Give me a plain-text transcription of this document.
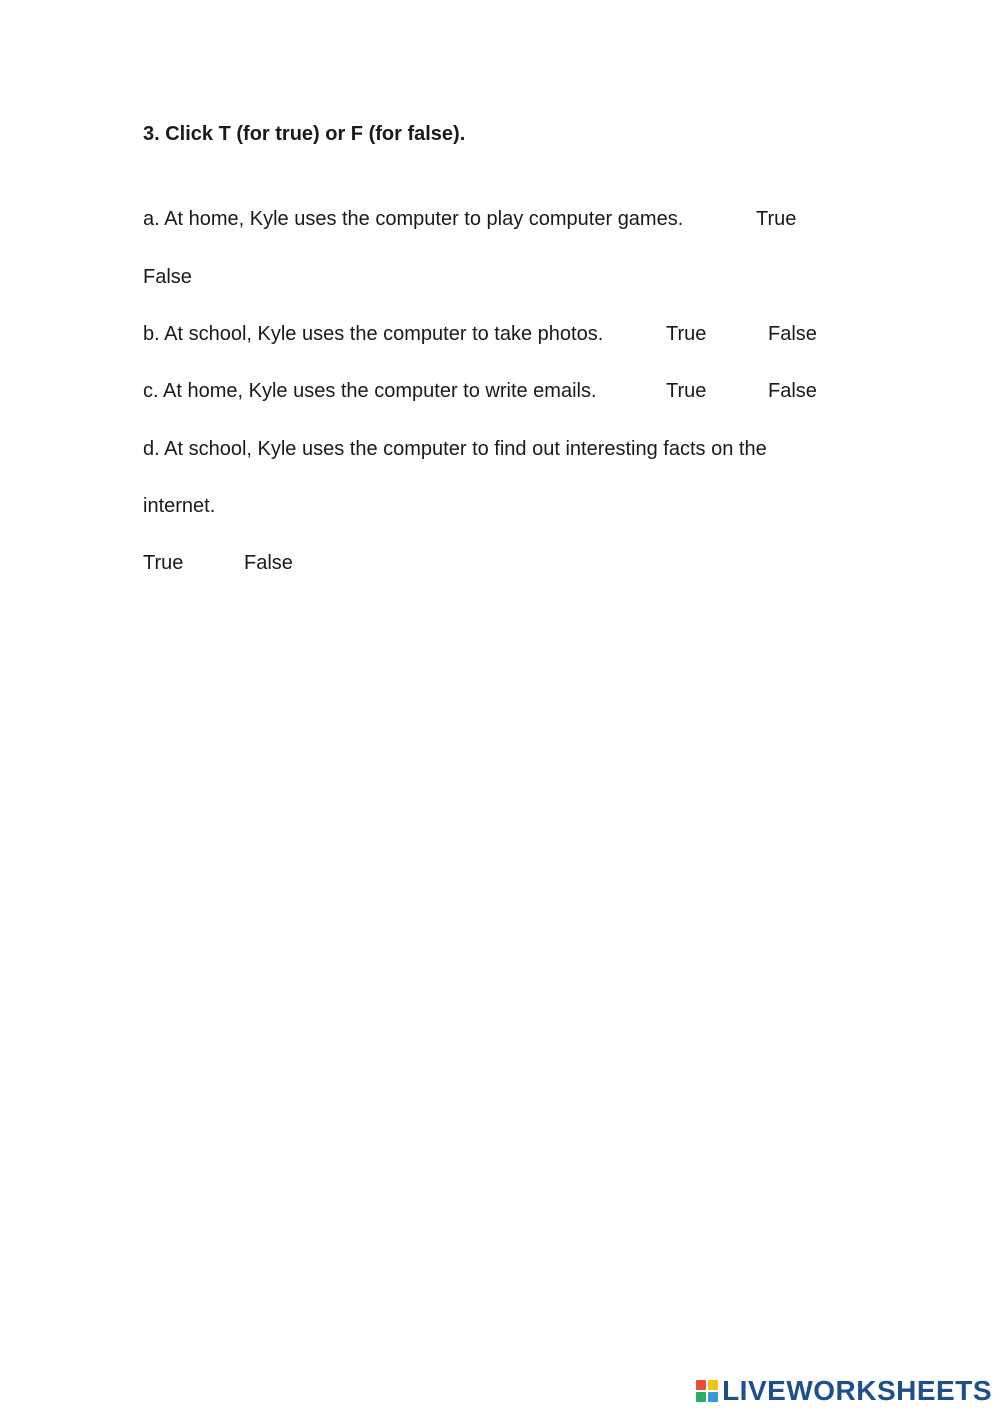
3. Click T (for true) or F (for false).
a. At home, Kyle uses the computer to play computer games.	True
False
b. At school, Kyle uses the computer to take photos.	True	False
c. At home, Kyle uses the computer to write emails.	True	False
d. At school, Kyle uses the computer to find out interesting facts on the
internet.
True	False
LIVEWORKSHEETS
